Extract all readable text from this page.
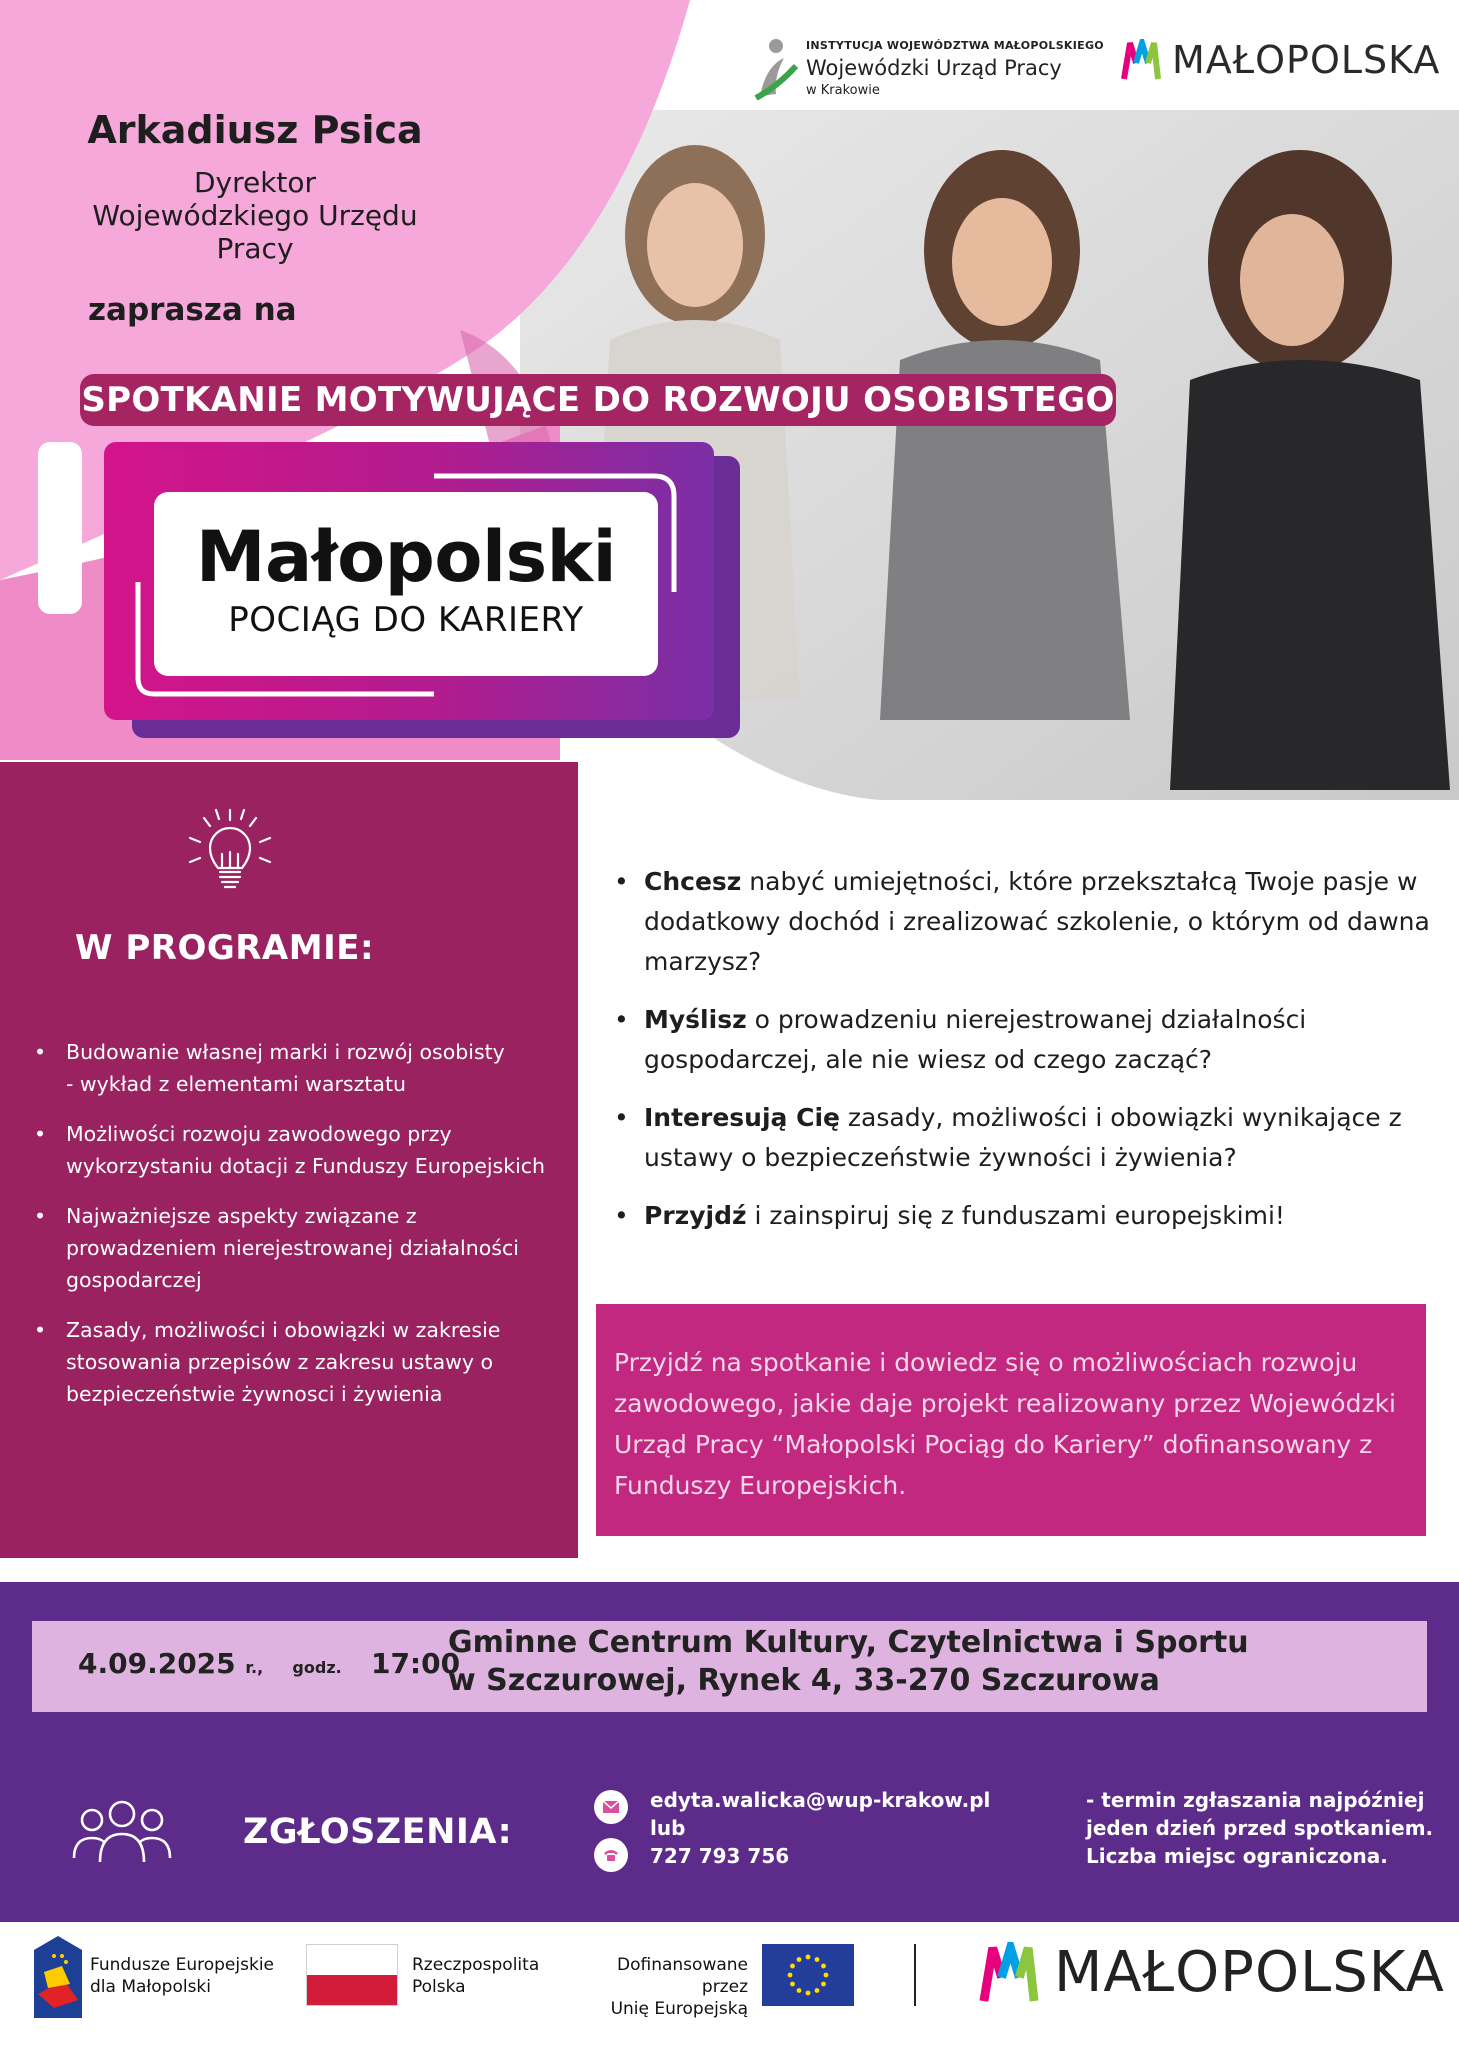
INSTYTUCJA WOJEWÓDZTWA MAŁOPOLSKIEGO
Wojewódzki Urząd Pracy
w Krakowie
MAŁOPOLSKA
Arkadiusz Psica
Dyrektor
Wojewódzkiego Urzędu
Pracy
zaprasza na
SPOTKANIE MOTYWUJĄCE DO ROZWOJU OSOBISTEGO
Małopolski
POCIĄG DO KARIERY
W PROGRAMIE:
• Budowanie własnej marki i rozwój osobisty
- wykład z elementami warsztatu
• Możliwości rozwoju zawodowego przy wykorzystaniu dotacji z Funduszy Europejskich
• Najważniejsze aspekty związane z prowadzeniem nierejestrowanej działalności gospodarczej
• Zasady, możliwości i obowiązki w zakresie stosowania przepisów z zakresu ustawy o bezpieczeństwie żywnosci i żywienia
• Chcesz nabyć umiejętności, które przekształcą Twoje pasje w dodatkowy dochód i zrealizować szkolenie, o którym od dawna marzysz?
• Myślisz o prowadzeniu nierejestrowanej działalności gospodarczej, ale nie wiesz od czego zacząć?
• Interesują Cię zasady, możliwości i obowiązki wynikające z ustawy o bezpieczeństwie żywności i żywienia?
• Przyjdź i zainspiruj się z funduszami europejskimi!
Przyjdź na spotkanie i dowiedz się o możliwościach rozwoju zawodowego, jakie daje projekt realizowany przez Wojewódzki Urząd Pracy “Małopolski Pociąg do Kariery” dofinansowany z Funduszy Europejskich.
4.09.2025 r., godz. 17:00
Gminne Centrum Kultury, Czytelnictwa i Sportu
w Szczurowej, Rynek 4, 33-270 Szczurowa
ZGŁOSZENIA:
edyta.walicka@wup-krakow.pl
lub
727 793 756
- termin zgłaszania najpóźniej
jeden dzień przed spotkaniem.
Liczba miejsc ograniczona.
Fundusze Europejskie
dla Małopolski
Rzeczpospolita
Polska
Dofinansowane przez
Unię Europejską
MAŁOPOLSKA
